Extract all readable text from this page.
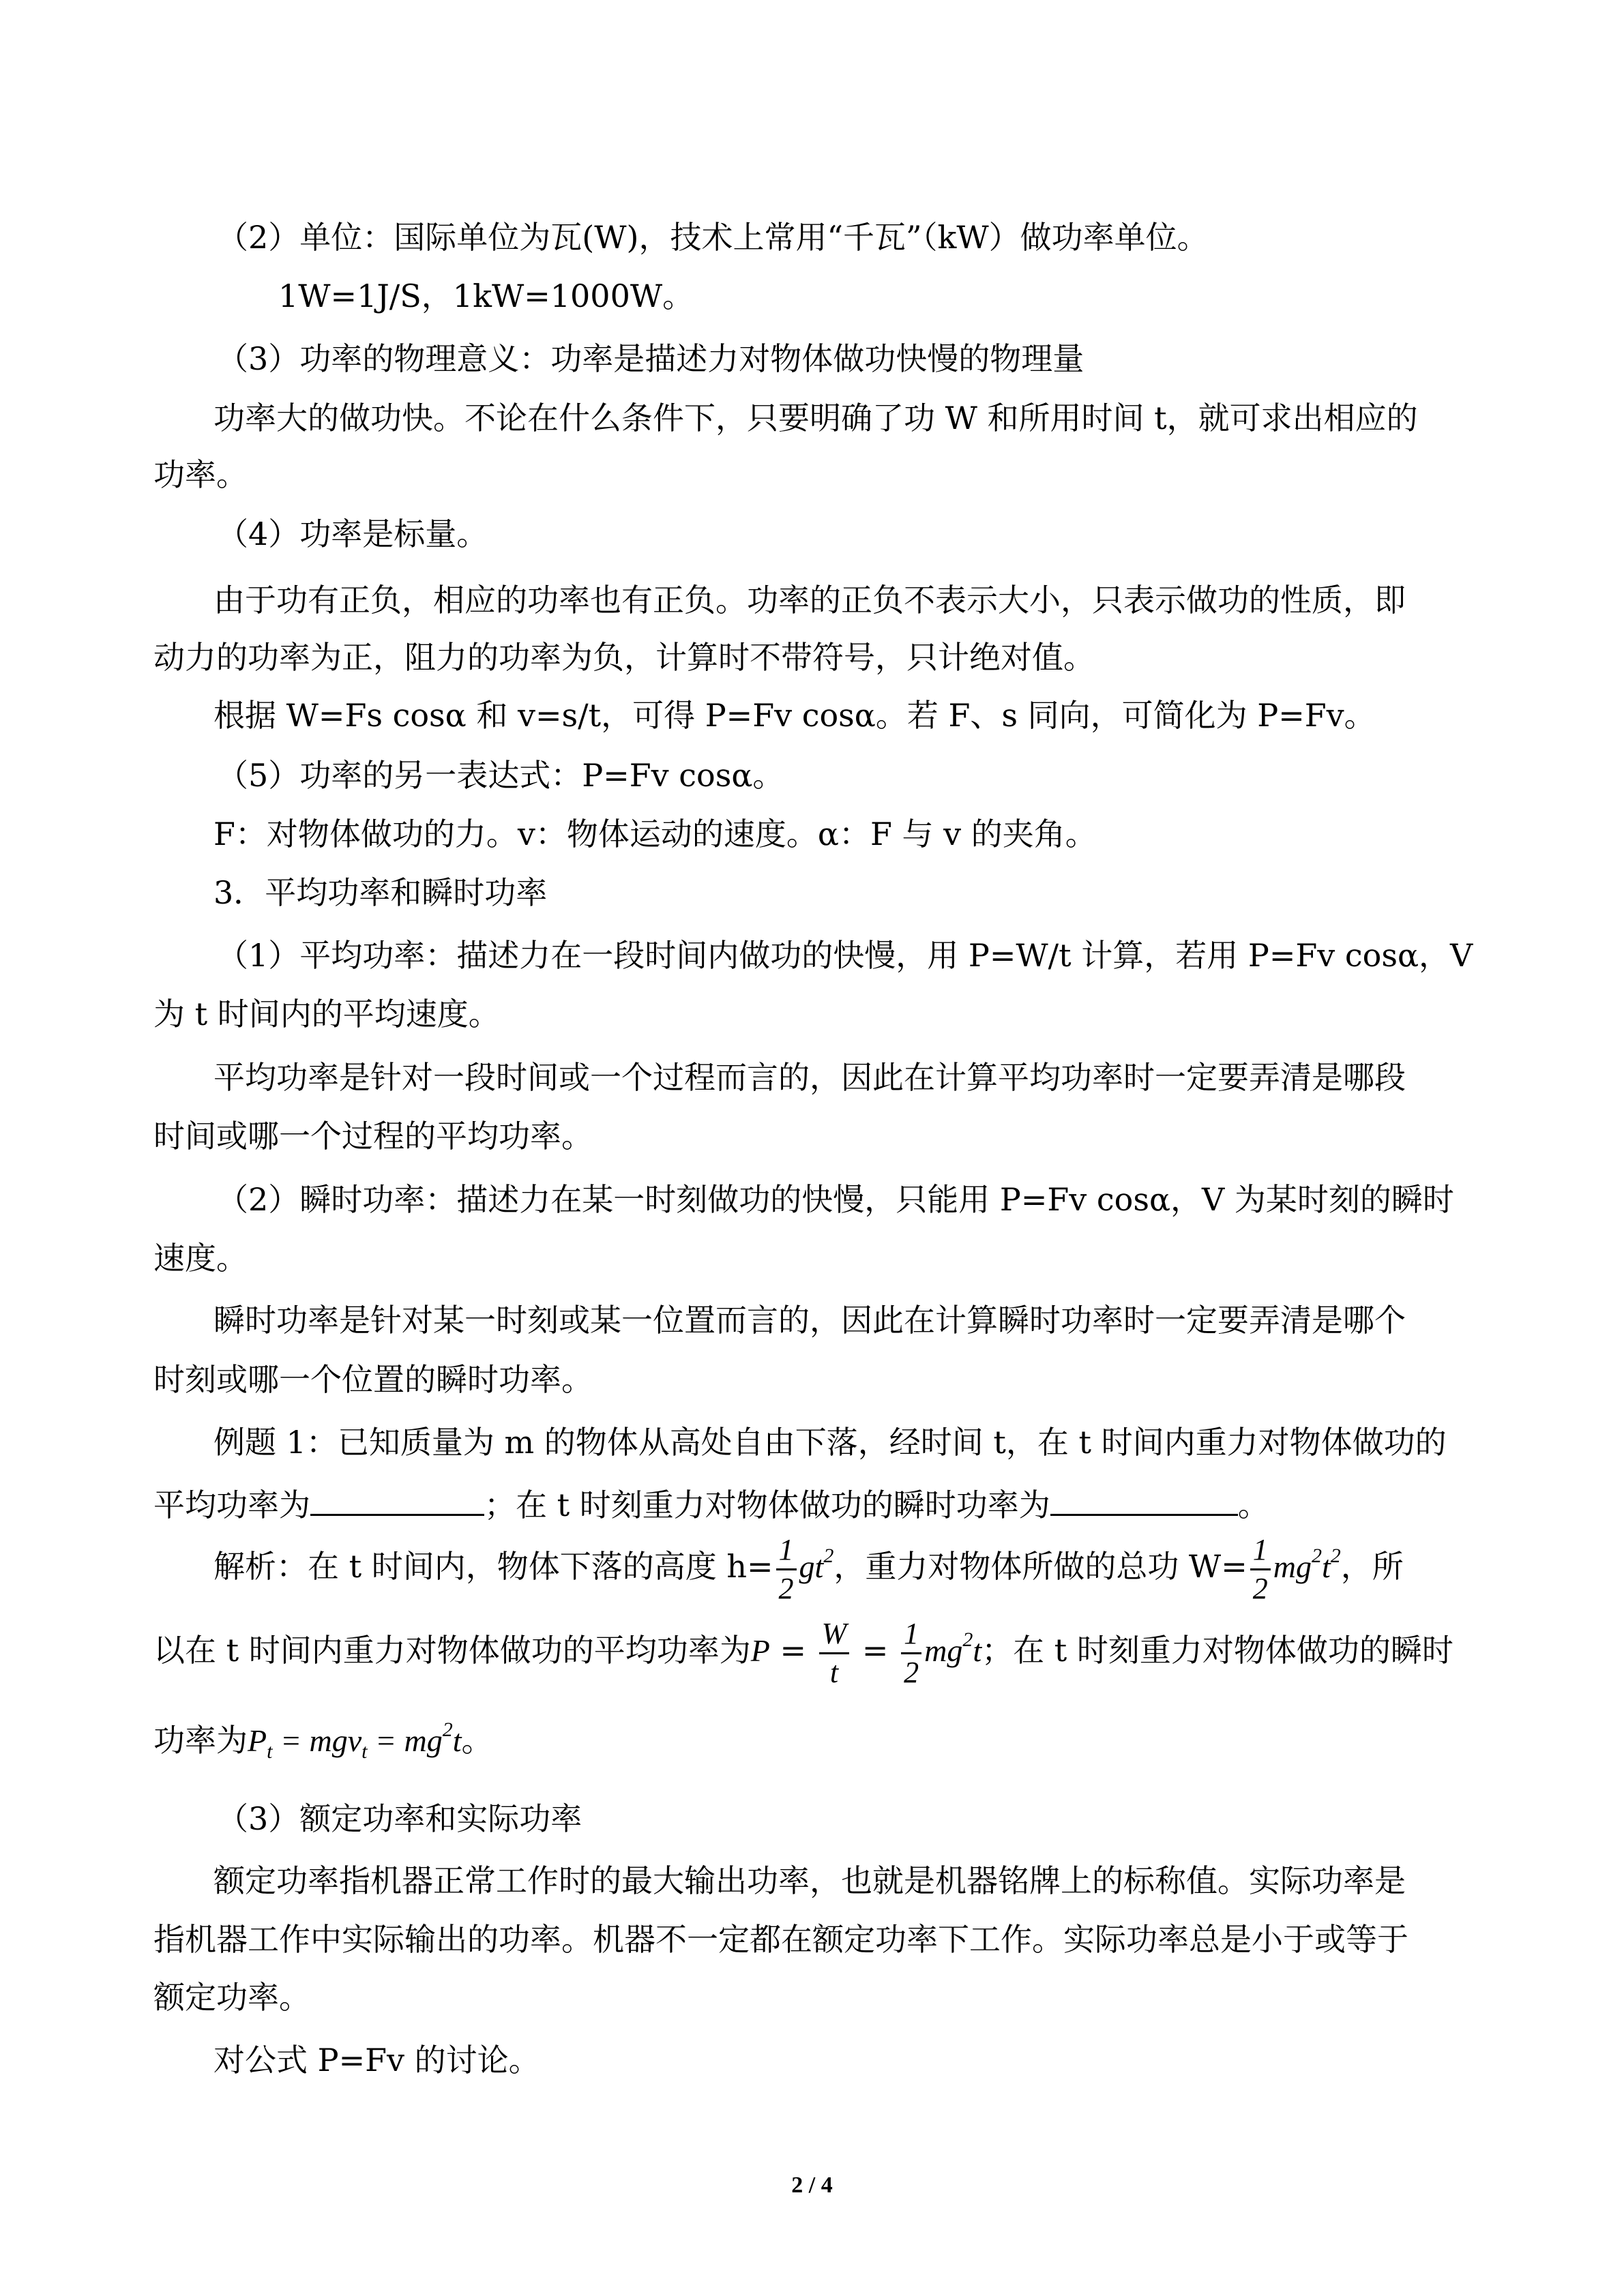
（2）单位：国际单位为瓦(W)，技术上常用“千瓦”（kW）做功率单位。

1W=1J/S，1kW=1000W。

（3）功率的物理意义：功率是描述力对物体做功快慢的物理量

功率大的做功快。不论在什么条件下，只要明确了功 W 和所用时间 t，就可求出相应的

功率。

（4）功率是标量。

由于功有正负，相应的功率也有正负。功率的正负不表示大小，只表示做功的性质，即

动力的功率为正，阻力的功率为负，计算时不带符号，只计绝对值。

根据 W=Fs cosα 和 v=s/t，可得 P=Fv cosα。若 F、s 同向，可简化为 P=Fv。

（5）功率的另一表达式：P=Fv cosα。

F：对物体做功的力。v：物体运动的速度。α：F 与 v 的夹角。

3．平均功率和瞬时功率

（1）平均功率：描述力在一段时间内做功的快慢，用 P=W/t 计算，若用 P=Fv cosα，V

为 t 时间内的平均速度。

平均功率是针对一段时间或一个过程而言的，因此在计算平均功率时一定要弄清是哪段

时间或哪一个过程的平均功率。

（2）瞬时功率：描述力在某一时刻做功的快慢，只能用 P=Fv cosα，V 为某时刻的瞬时

速度。

瞬时功率是针对某一时刻或某一位置而言的，因此在计算瞬时功率时一定要弄清是哪个

时刻或哪一个位置的瞬时功率。

例题 1：已知质量为 m 的物体从高处自由下落，经时间 t，在 t 时间内重力对物体做功的

平均功率为	；在 t 时刻重力对物体做功的瞬时功率为	。

解析：在 t 时间内，物体下落的高度 $h= \frac{1}{2} gt^2$，重力对物体所做的总功 $W= \frac{1}{2} mg^2t^2$，所

以在 t 时间内重力对物体做功的平均功率为$P = \frac{W}{t} = \frac{1}{2} mg^2t$；在 t 时刻重力对物体做功的瞬时

功率为$P_t = mgv_t = mg^2t$。

（3）额定功率和实际功率

额定功率指机器正常工作时的最大输出功率，也就是机器铭牌上的标称值。实际功率是

指机器工作中实际输出的功率。机器不一定都在额定功率下工作。实际功率总是小于或等于

额定功率。

对公式 P=Fv 的讨论。

2 / 4
